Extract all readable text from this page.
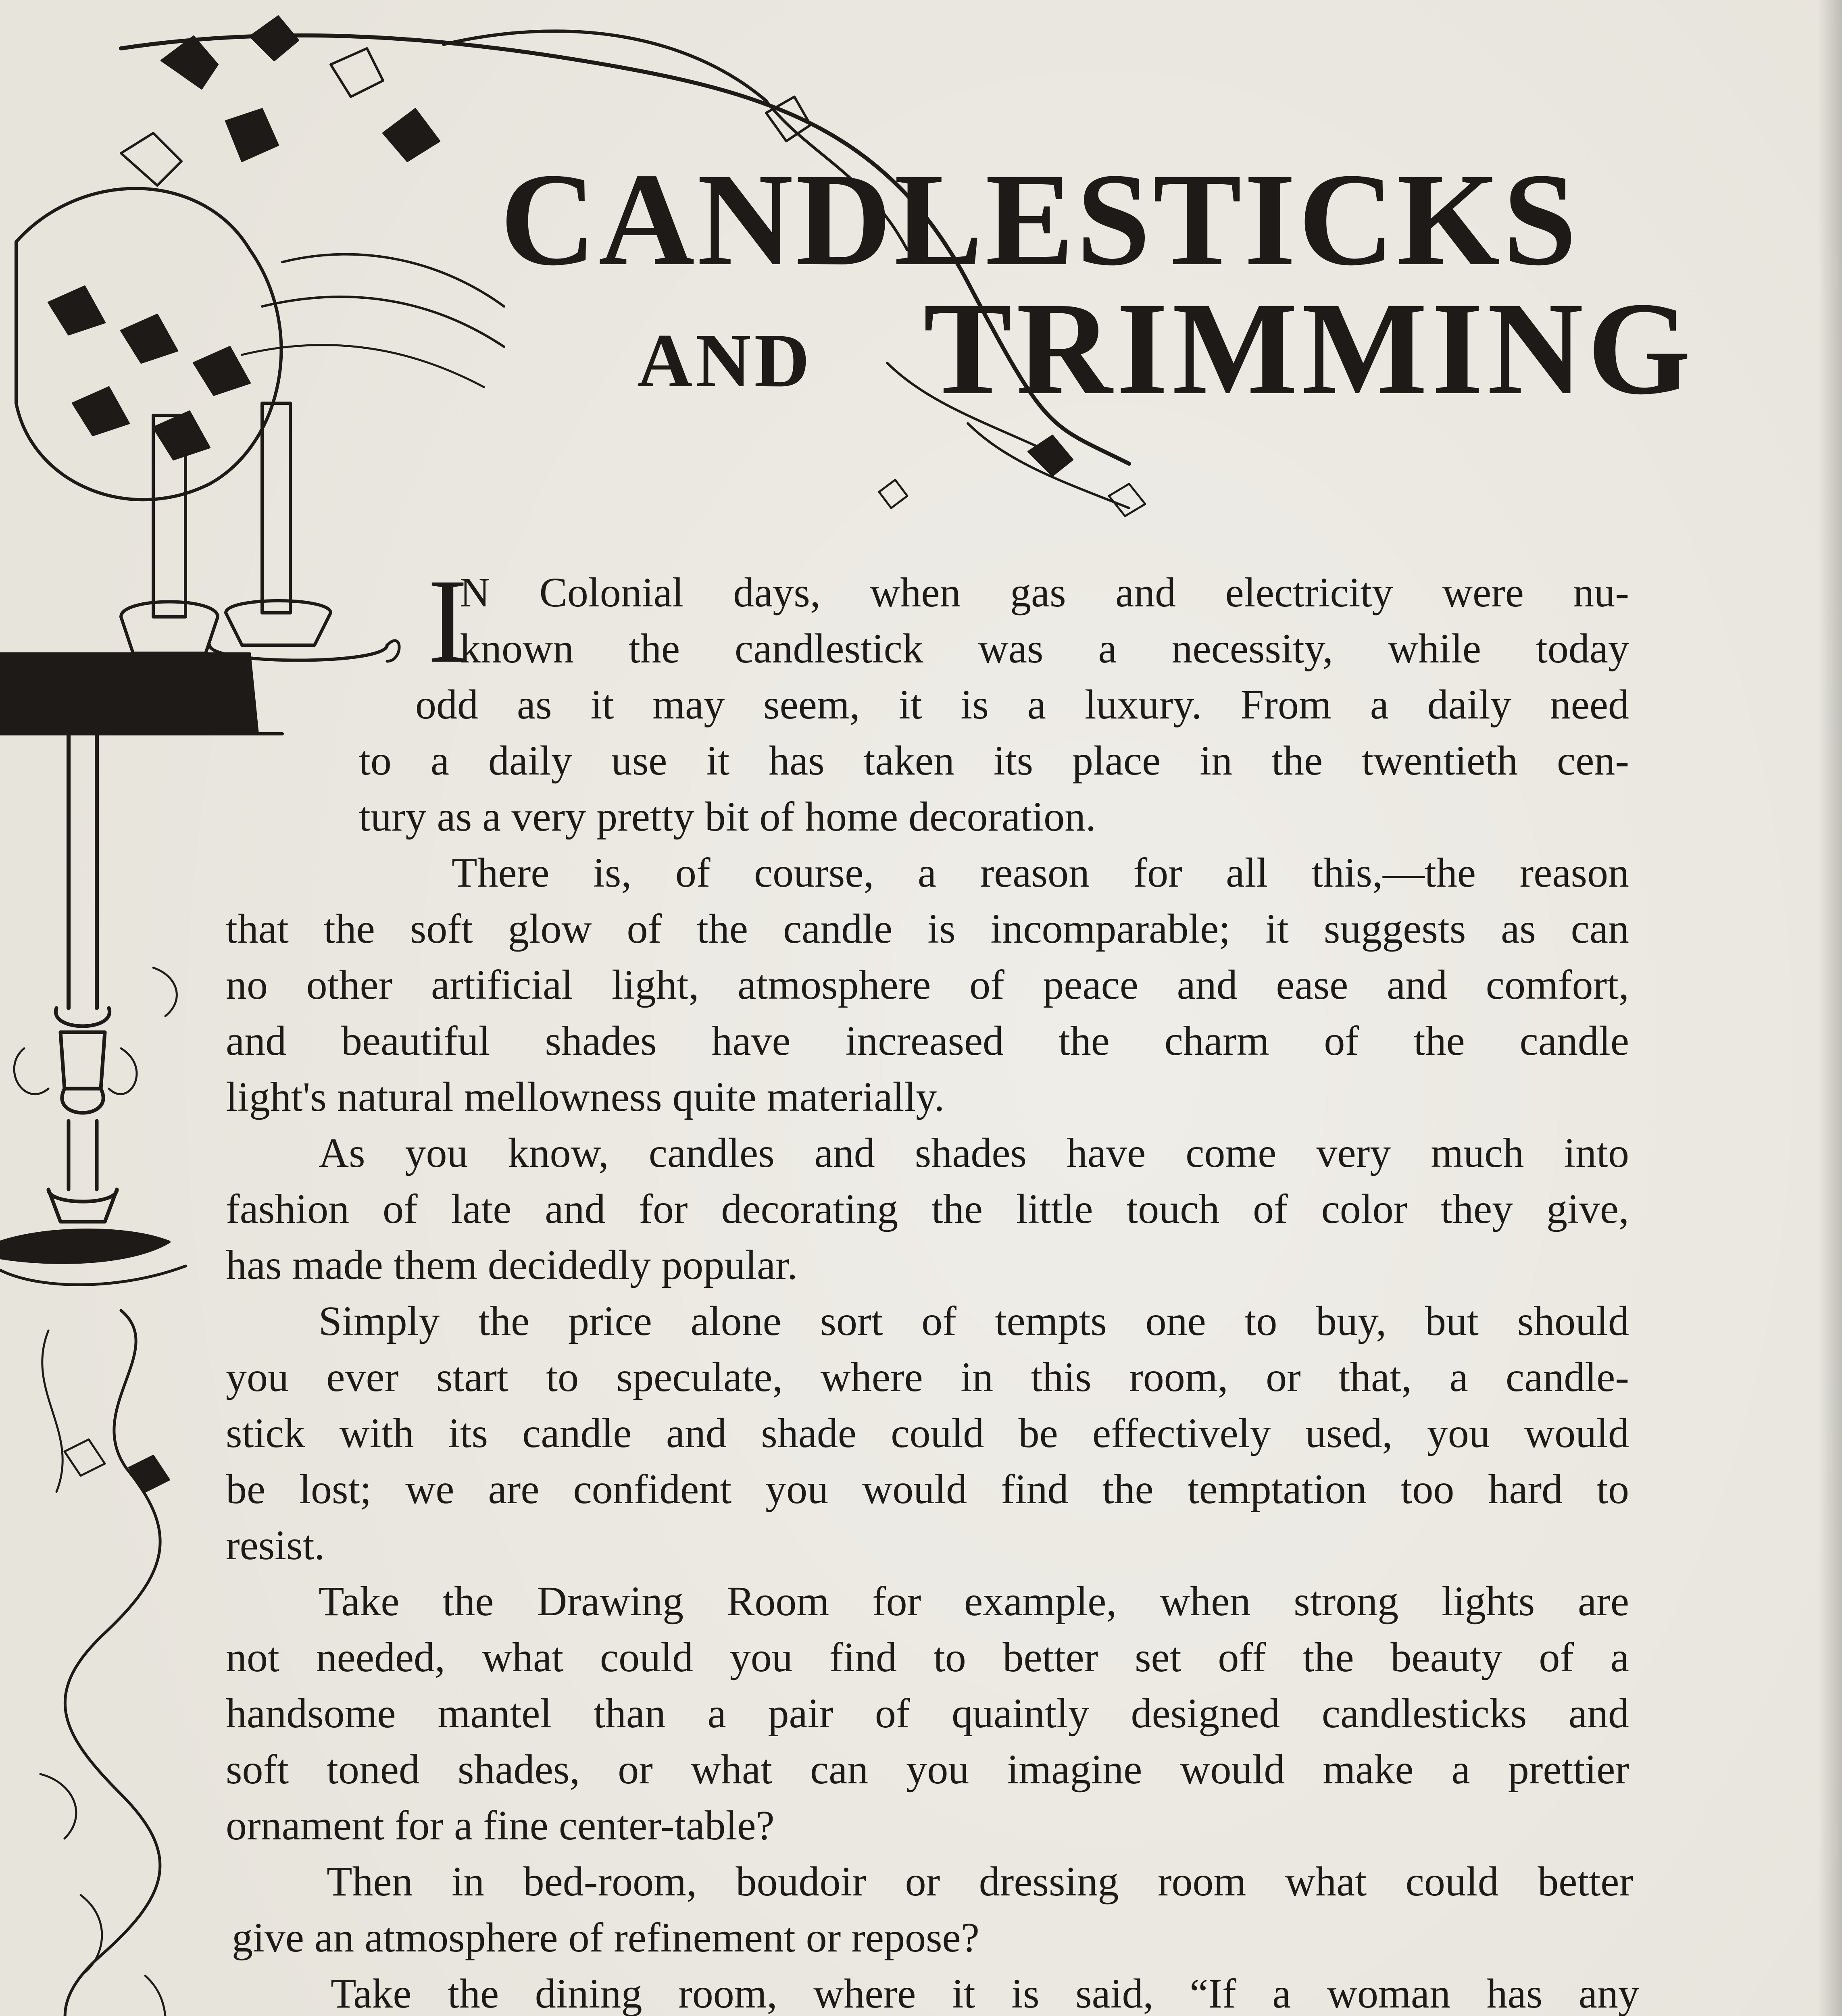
CANDLESTICKS
AND TRIMMING
I
N Colonial days, when gas and electricity were nu-
known the candlestick was a necessity, while today
odd as it may seem, it is a luxury. From a daily need
to a daily use it has taken its place in the twentieth cen-
tury as a very pretty bit of home decoration.
There is, of course, a reason for all this,—the reason
that the soft glow of the candle is incomparable; it suggests as can
no other artificial light, atmosphere of peace and ease and comfort,
and beautiful shades have increased the charm of the candle
light's natural mellowness quite materially.
As you know, candles and shades have come very much into
fashion of late and for decorating the little touch of color they give,
has made them decidedly popular.
Simply the price alone sort of tempts one to buy, but should
you ever start to speculate, where in this room, or that, a candle-
stick with its candle and shade could be effectively used, you would
be lost; we are confident you would find the temptation too hard to
resist.
Take the Drawing Room for example, when strong lights are
not needed, what could you find to better set off the beauty of a
handsome mantel than a pair of quaintly designed candlesticks and
soft toned shades, or what can you imagine would make a prettier
ornament for a fine center-table?
Then in bed-room, boudoir or dressing room what could better
give an atmosphere of refinement or repose?
Take the dining room, where it is said, “If a woman has any
